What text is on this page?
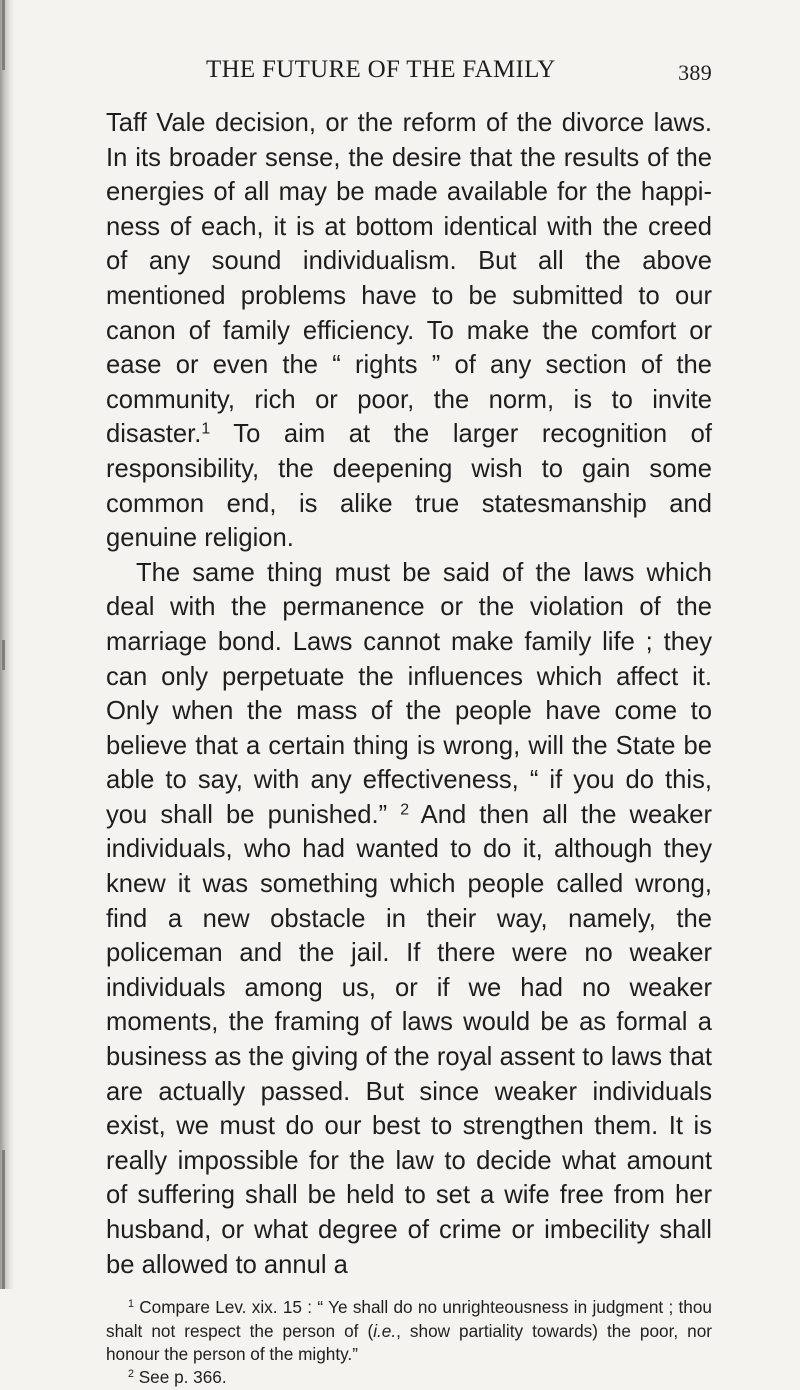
THE FUTURE OF THE FAMILY	389

Taff Vale decision, or the reform of the divorce laws. In its broader sense, the desire that the results of the energies of all may be made available for the happiness of each, it is at bottom identical with the creed of any sound individualism. But all the above mentioned problems have to be submitted to our canon of family efficiency. To make the comfort or ease or even the “ rights ” of any section of the community, rich or poor, the norm, is to invite disaster.$^1$ To aim at the larger recognition of responsibility, the deepening wish to gain some common end, is alike true statesmanship and genuine religion.

The same thing must be said of the laws which deal with the permanence or the violation of the marriage bond. Laws cannot make family life ; they can only perpetuate the influences which affect it. Only when the mass of the people have come to believe that a certain thing is wrong, will the State be able to say, with any effectiveness, “ if you do this, you shall be punished.” $^2$ And then all the weaker individuals, who had wanted to do it, although they knew it was something which people called wrong, find a new obstacle in their way, namely, the policeman and the jail. If there were no weaker individuals among us, or if we had no weaker moments, the framing of laws would be as formal a business as the giving of the royal assent to laws that are actually passed. But since weaker individuals exist, we must do our best to strengthen them. It is really impossible for the law to decide what amount of suffering shall be held to set a wife free from her husband, or what degree of crime or imbecility shall be allowed to annul a

$^1$ Compare Lev. xix. 15 : “ Ye shall do no unrighteousness in judgment ; thou shalt not respect the person of (i.e., show partiality towards) the poor, nor honour the person of the mighty.”

$^2$ See p. 366.
